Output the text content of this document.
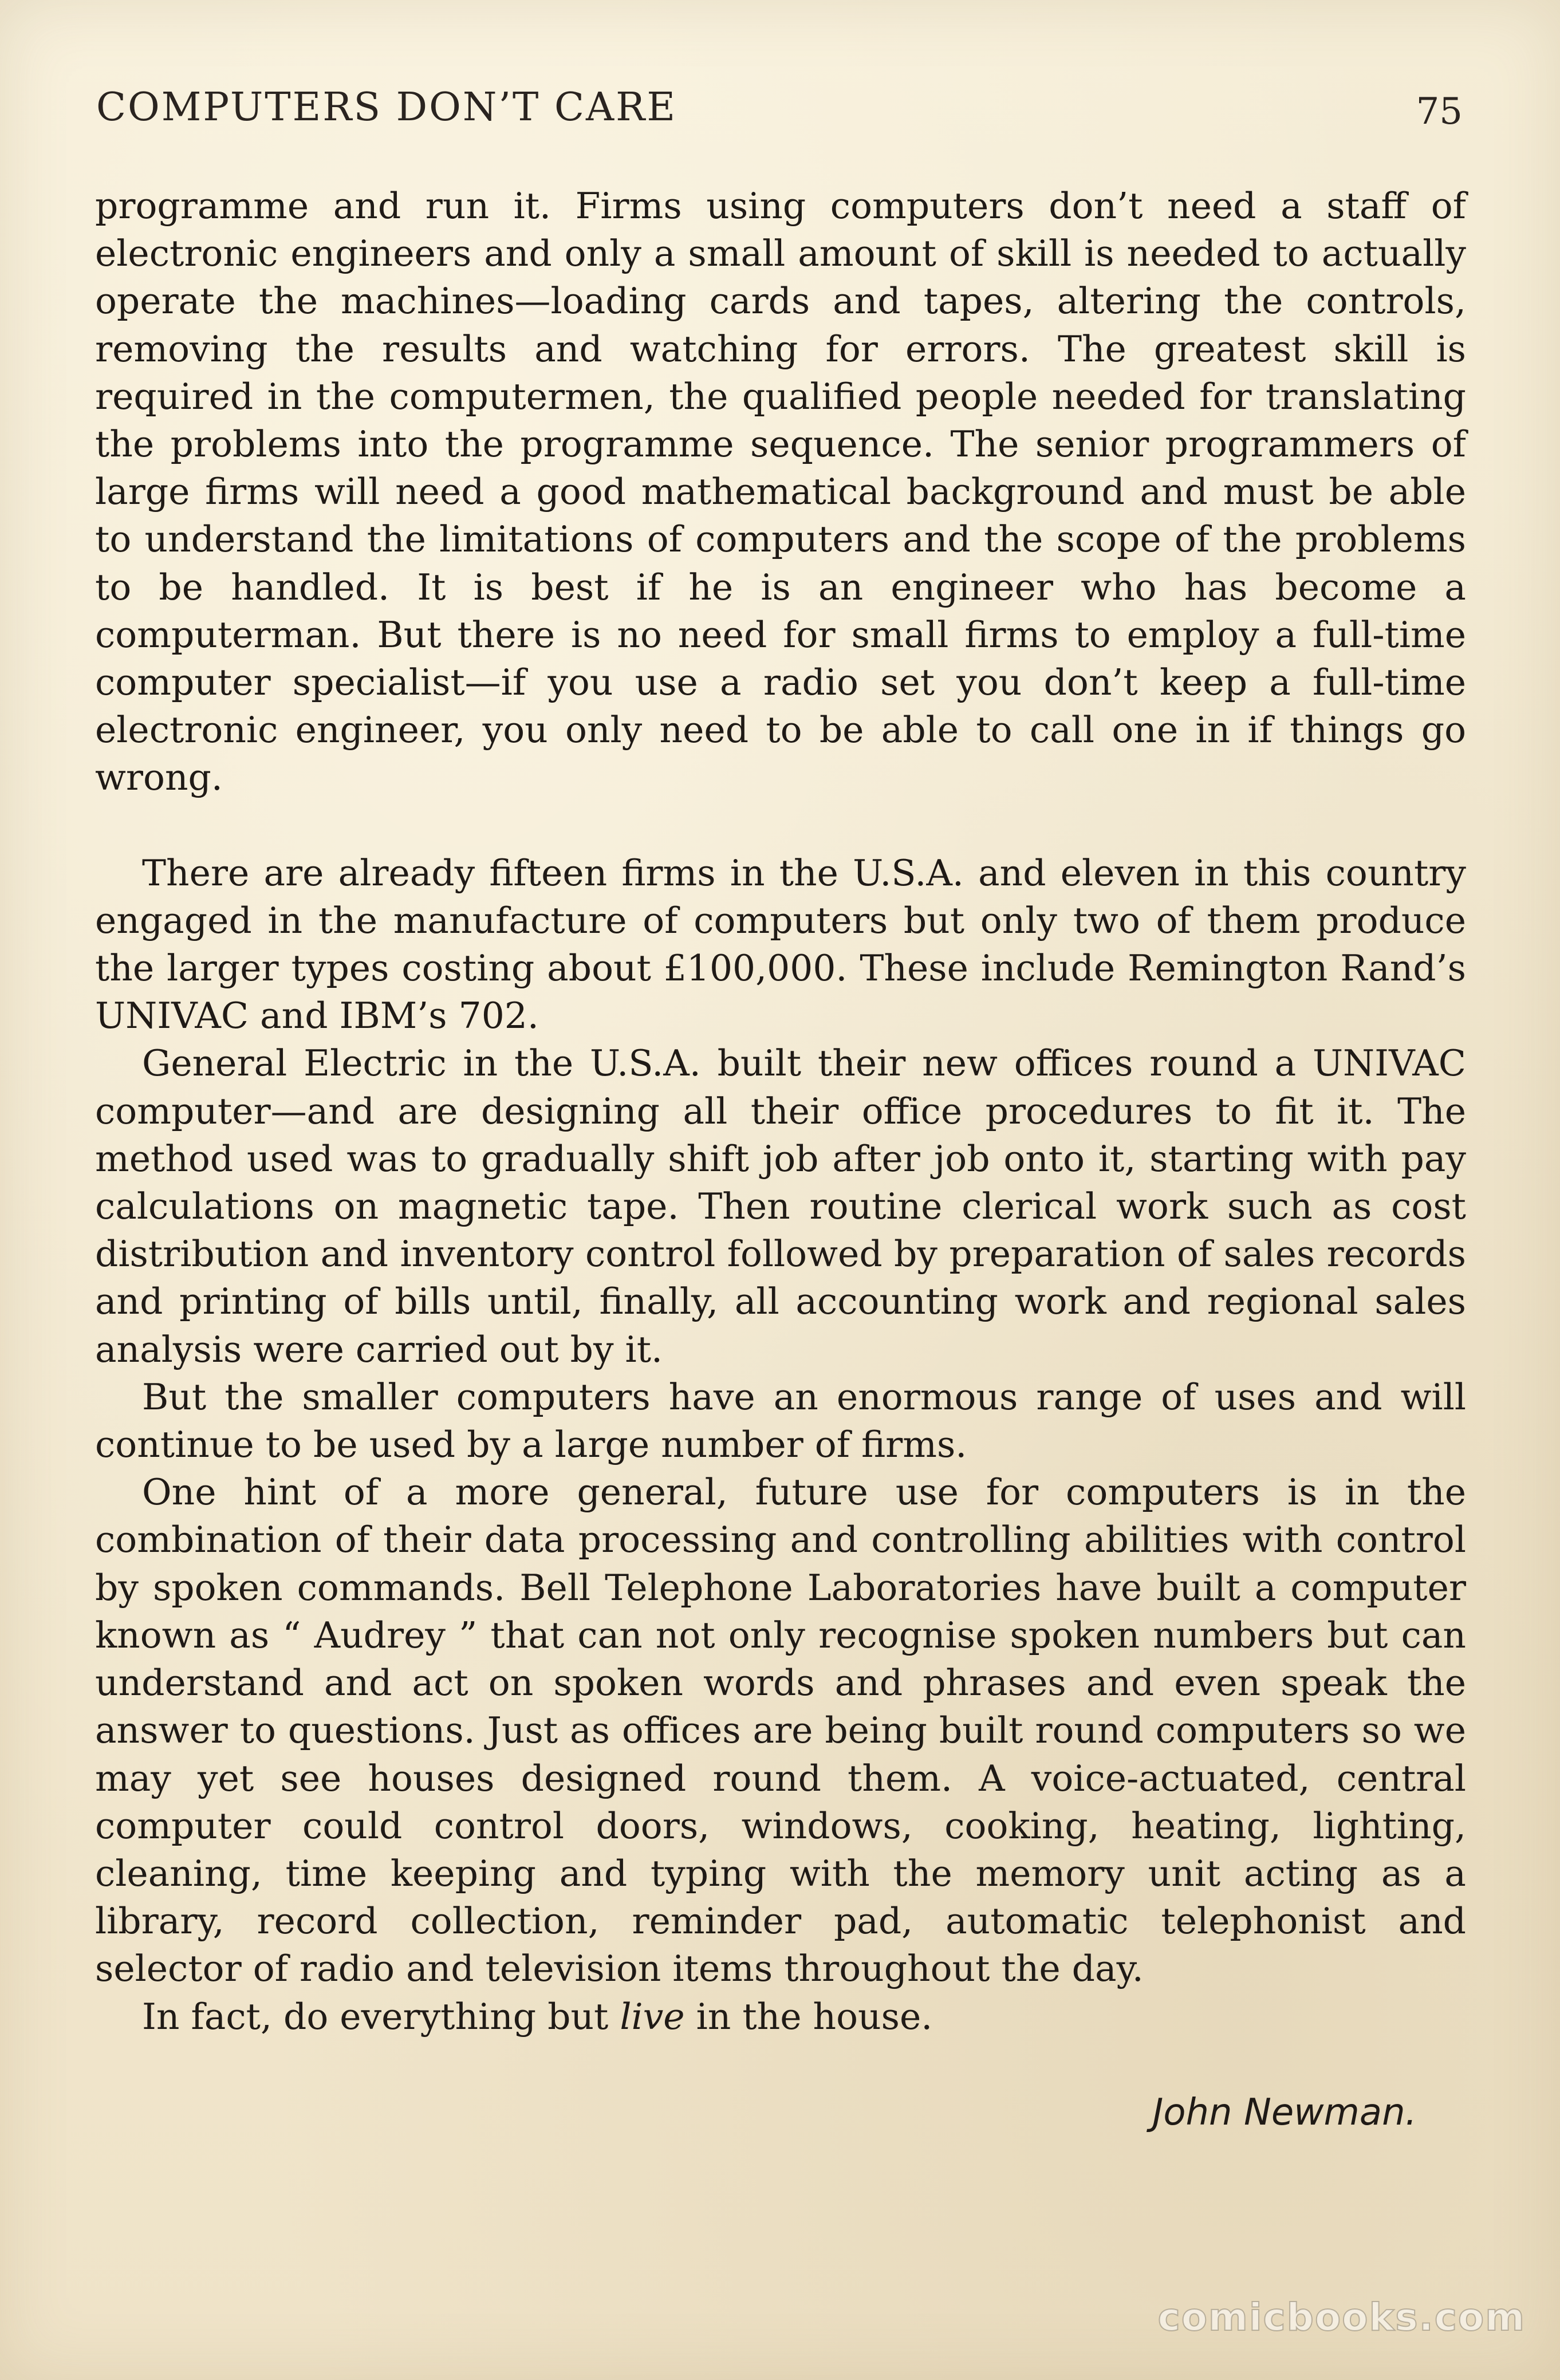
COMPUTERS DON’T CARE	75

programme and run it. Firms using computers don’t need a staff of electronic engineers and only a small amount of skill is needed to actually operate the machines—loading cards and tapes, altering the controls, removing the results and watching for errors. The greatest skill is required in the computermen, the qualified people needed for translating the problems into the programme sequence. The senior programmers of large firms will need a good mathematical background and must be able to understand the limitations of computers and the scope of the problems to be handled. It is best if he is an engineer who has become a computerman. But there is no need for small firms to employ a full-time computer specialist—if you use a radio set you don’t keep a full-time electronic engineer, you only need to be able to call one in if things go wrong.

There are already fifteen firms in the U.S.A. and eleven in this country engaged in the manufacture of computers but only two of them produce the larger types costing about £100,000. These include Remington Rand’s UNIVAC and IBM’s 702.

General Electric in the U.S.A. built their new offices round a UNIVAC computer—and are designing all their office procedures to fit it. The method used was to gradually shift job after job onto it, starting with pay calculations on magnetic tape. Then routine clerical work such as cost distribution and inventory control followed by preparation of sales records and printing of bills until, finally, all accounting work and regional sales analysis were carried out by it.

But the smaller computers have an enormous range of uses and will continue to be used by a large number of firms.

One hint of a more general, future use for computers is in the combination of their data processing and controlling abilities with control by spoken commands. Bell Telephone Laboratories have built a computer known as “ Audrey ” that can not only recognise spoken numbers but can understand and act on spoken words and phrases and even speak the answer to questions. Just as offices are being built round computers so we may yet see houses designed round them. A voice-actuated, central computer could control doors, windows, cooking, heating, lighting, cleaning, time keeping and typing with the memory unit acting as a library, record collection, reminder pad, automatic telephonist and selector of radio and television items throughout the day.

In fact, do everything but live in the house.

John Newman.
comicbooks.com
